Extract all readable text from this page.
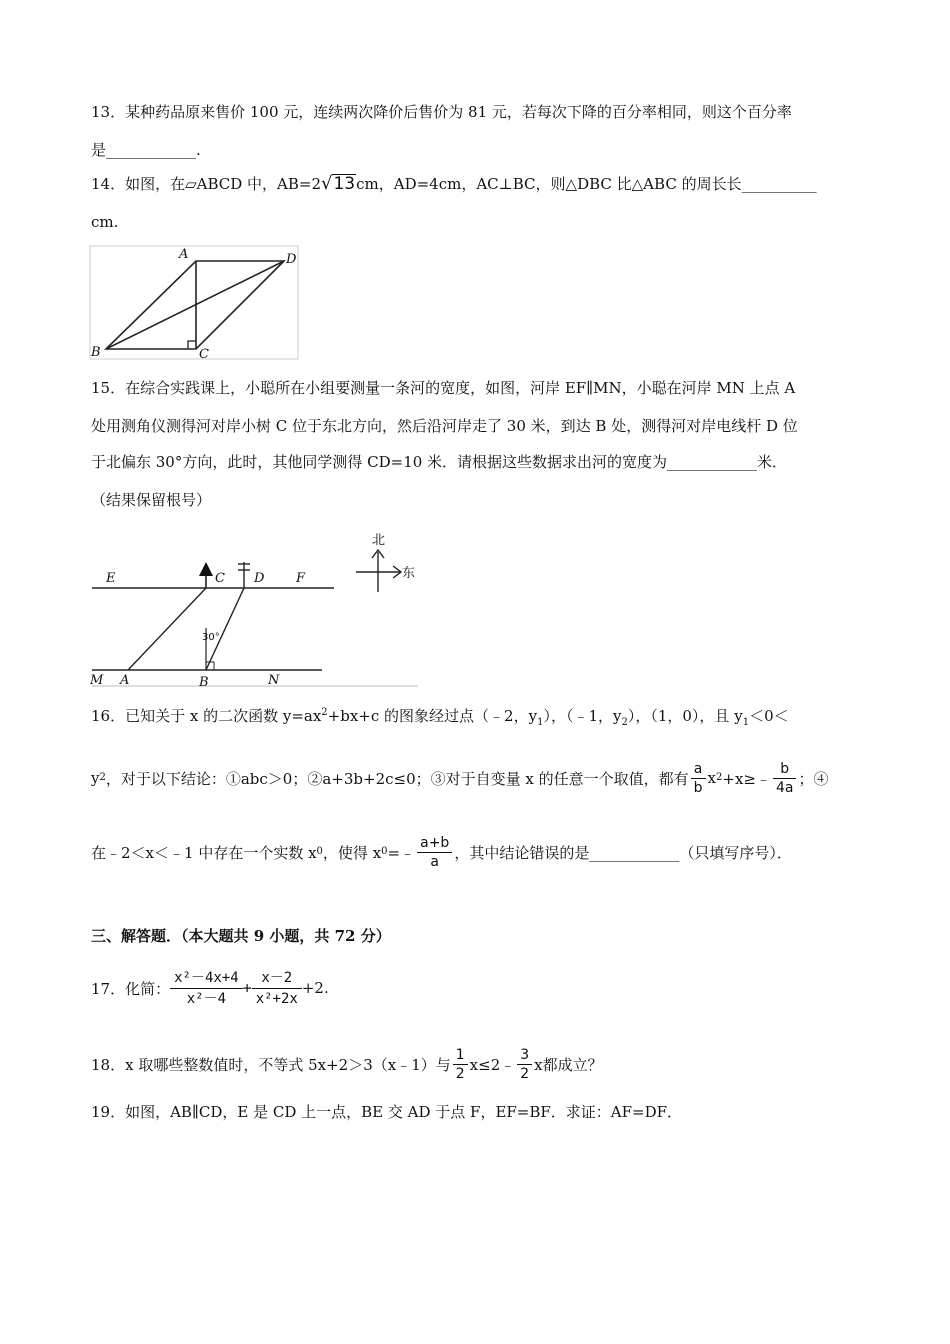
13．某种药品原来售价 100 元，连续两次降价后售价为 81 元，若每次下降的百分率相同，则这个百分率
是____________.
14．如图，在▱ABCD 中，AB=2√13cm，AD=4cm，AC⊥BC，则△DBC 比△ABC 的周长长__________
cm.
A	D
B	C
15．在综合实践课上，小聪所在小组要测量一条河的宽度，如图，河岸 EF∥MN，小聪在河岸 MN 上点 A
处用测角仪测得河对岸小树 C 位于东北方向，然后沿河岸走了 30 米，到达 B 处，测得河对岸电线杆 D 位
于北偏东 30°方向，此时，其他同学测得 CD=10 米．请根据这些数据求出河的宽度为____________米．
（结果保留根号）
E	C D F
M A	B	N
30°
北
东
16．已知关于 x 的二次函数 $y=ax^2+bx+c$ 的图象经过点（﹣2，$y_1$），（﹣1，$y_2$），（1，0），且 $y_1<0<$
y 2 ，对于以下结论：①abc＞0；②a+3b+2c≤0；③对于自变量 x 的任意一个取值，都有 $\frac{a}{b}$ x 2 +x≥﹣ $\frac{b}{4a}$ ；④
在﹣2＜x＜﹣1 中存在一个实数 x 0 ，使得 x 0 =﹣ $\frac{a+b}{a}$ ，其中结论错误的是____________（只填写序号）．
三、解答题．（本大题共 9 小题，共 72 分）
17．化简： $\frac{\text{x²－4x+4}}{\text{x²－4}} + \frac{x-2}{\text{x²+2x}} +2$.
18．x 取哪些整数值时，不等式 5x+2＞3（x﹣1）与 $\frac{1}{2}$ x≤2﹣ $\frac{3}{2}$ x都成立？
19．如图，AB∥CD，E 是 CD 上一点，BE 交 AD 于点 F，EF=BF．求证：AF=DF．
